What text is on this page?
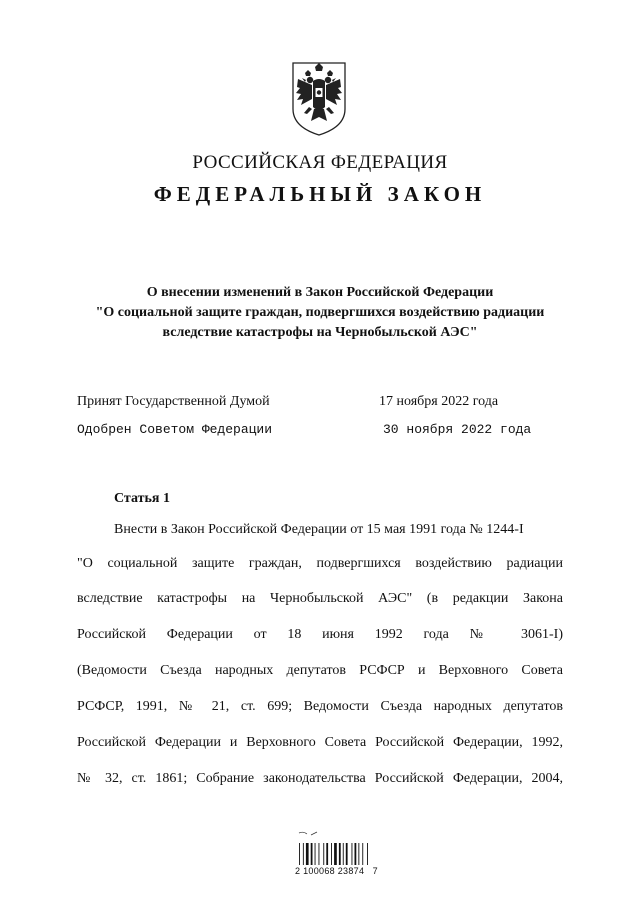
РОССИЙСКАЯ ФЕДЕРАЦИЯ
ФЕДЕРАЛЬНЫЙ ЗАКОН
О внесении изменений в Закон Российской Федерации
"О социальной защите граждан, подвергшихся воздействию радиации
вследствие катастрофы на Чернобыльской АЭС"
Принят Государственной Думой	17 ноября 2022 года
Одобрен Советом Федерации	30 ноября 2022 года
Статья 1
Внести в Закон Российской Федерации от 15 мая 1991 года № 1244-I
"О социальной защите граждан, подвергшихся воздействию радиации
вследствие катастрофы на Чернобыльской АЭС" (в редакции Закона
Российской Федерации от 18 июня 1992 года № 3061-I)
(Ведомости Съезда народных депутатов РСФСР и Верховного Совета
РСФСР, 1991, № 21, ст. 699; Ведомости Съезда народных депутатов
Российской Федерации и Верховного Совета Российской Федерации, 1992,
№ 32, ст. 1861; Собрание законодательства Российской Федерации, 2004,
2 100068 23874   7
